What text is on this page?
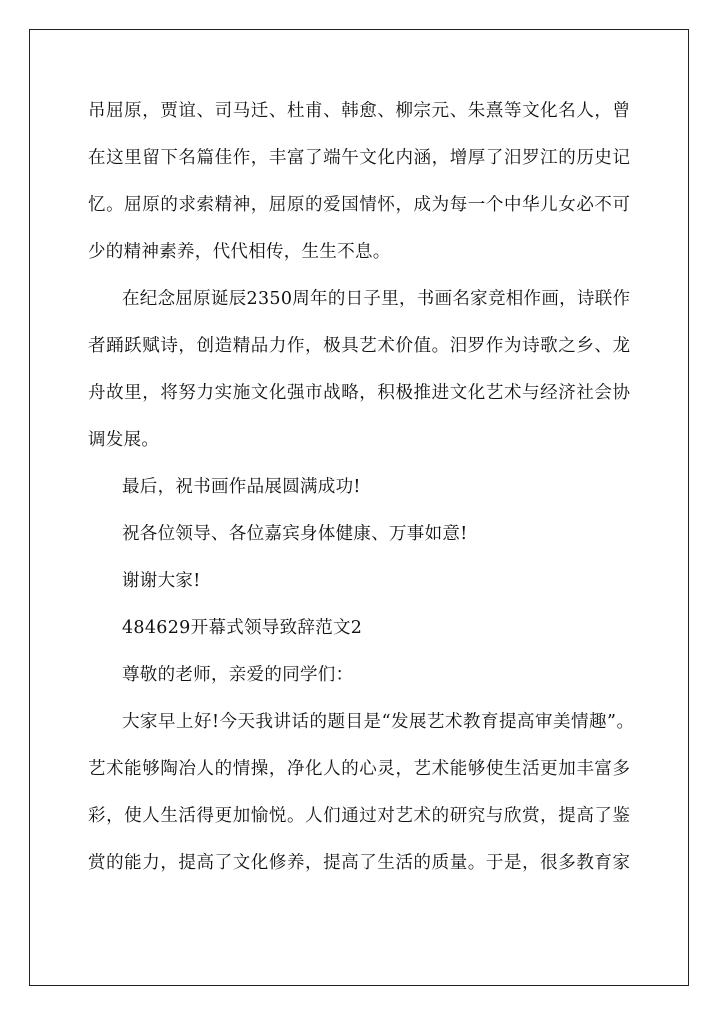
吊屈原，贾谊、司马迁、杜甫、韩愈、柳宗元、朱熹等文化名人，曾
在这里留下名篇佳作，丰富了端午文化内涵，增厚了汨罗江的历史记
忆。屈原的求索精神，屈原的爱国情怀，成为每一个中华儿女必不可
少的精神素养，代代相传，生生不息。
在纪念屈原诞辰2350周年的日子里，书画名家竞相作画，诗联作
者踊跃赋诗，创造精品力作，极具艺术价值。汨罗作为诗歌之乡、龙
舟故里，将努力实施文化强市战略，积极推进文化艺术与经济社会协
调发展。
最后，祝书画作品展圆满成功!
祝各位领导、各位嘉宾身体健康、万事如意!
谢谢大家!
484629开幕式领导致辞范文2
尊敬的老师，亲爱的同学们：
大家早上好!今天我讲话的题目是“发展艺术教育提高审美情趣”。
艺术能够陶冶人的情操，净化人的心灵，艺术能够使生活更加丰富多
彩，使人生活得更加愉悦。人们通过对艺术的研究与欣赏，提高了鉴
赏的能力，提高了文化修养，提高了生活的质量。于是，很多教育家
